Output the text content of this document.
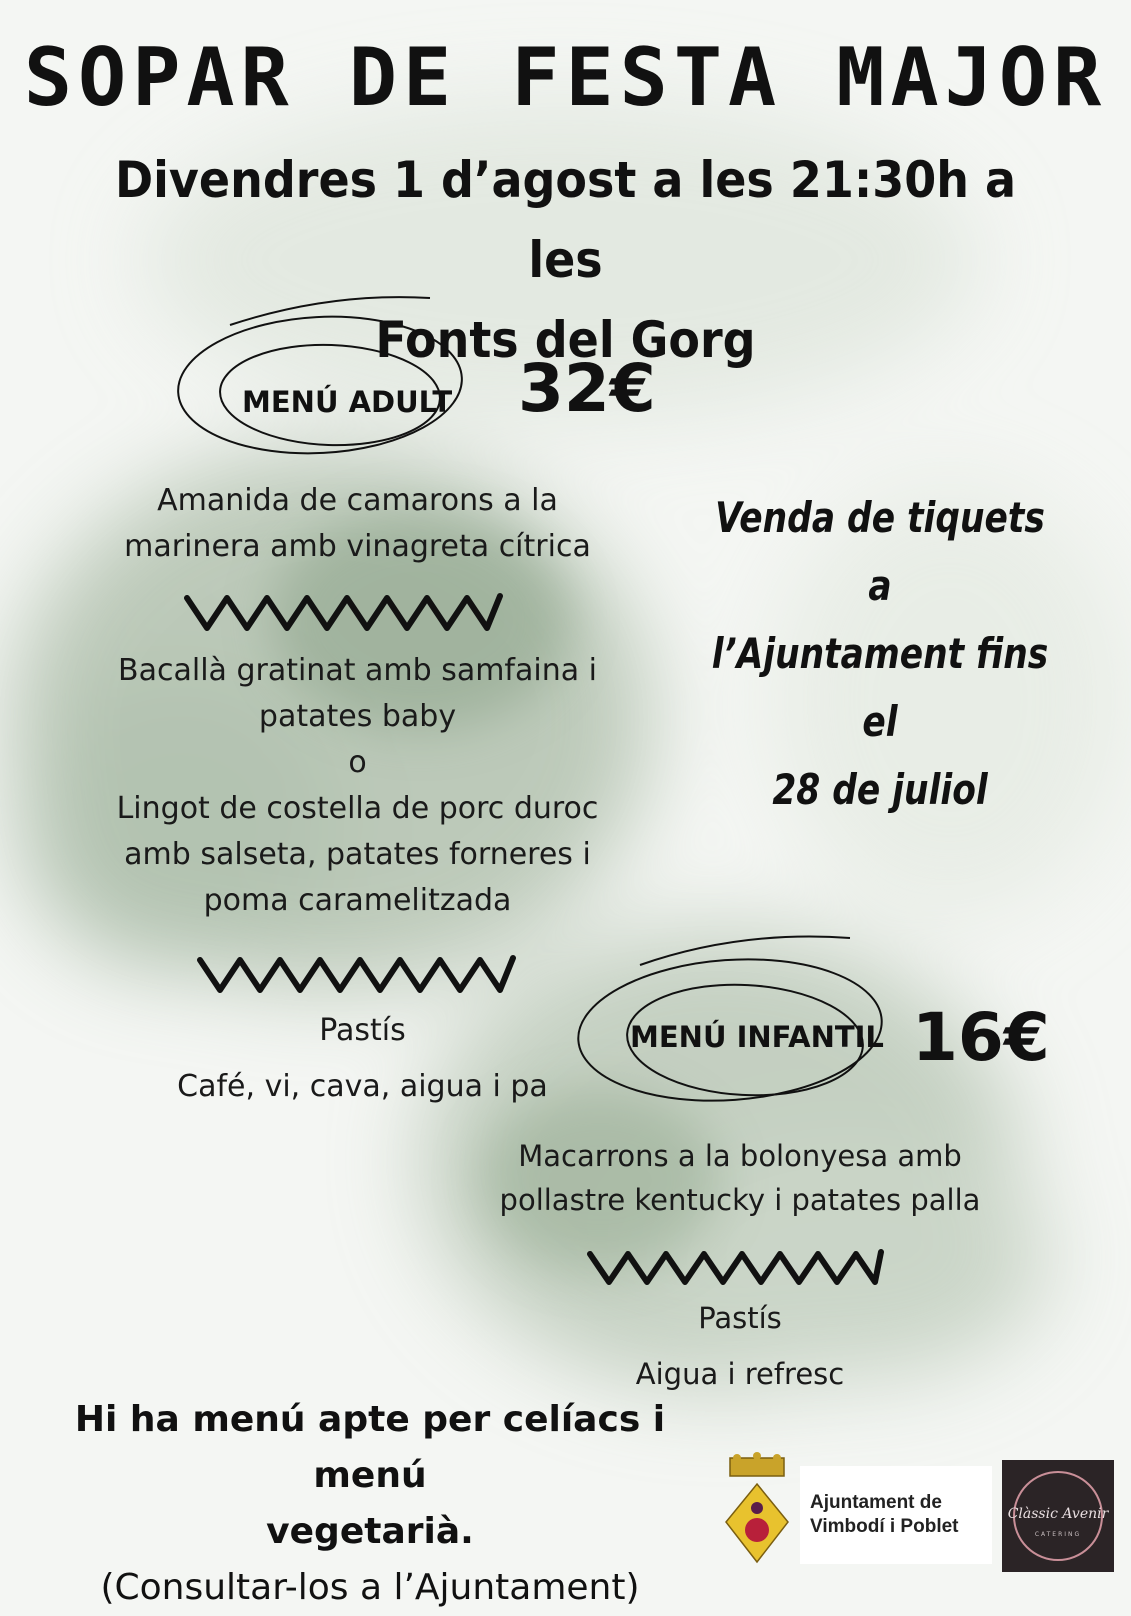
SOPAR DE FESTA MAJOR
Divendres 1 d’agost a les 21:30h a les
Fonts del Gorg
MENÚ ADULT 32€
Amanida de camarons a la
marinera amb vinagreta cítrica
Bacallà gratinat amb samfaina i
patates baby
o
Lingot de costella de porc duroc
amb salseta, patates forneres i
poma caramelitzada
Pastís
Café, vi, cava, aigua i pa
Venda de tiquets a
l’Ajuntament fins el
28 de juliol
MENÚ INFANTIL 16€
Macarrons a la bolonyesa amb
pollastre kentucky i patates palla
Pastís
Aigua i refresc
Hi ha menú apte per celíacs i menú
vegetarià.
(Consultar-los a l’Ajuntament)
Ajuntament de
Vimbodí i Poblet
Clàssic Avenir
CATERING
